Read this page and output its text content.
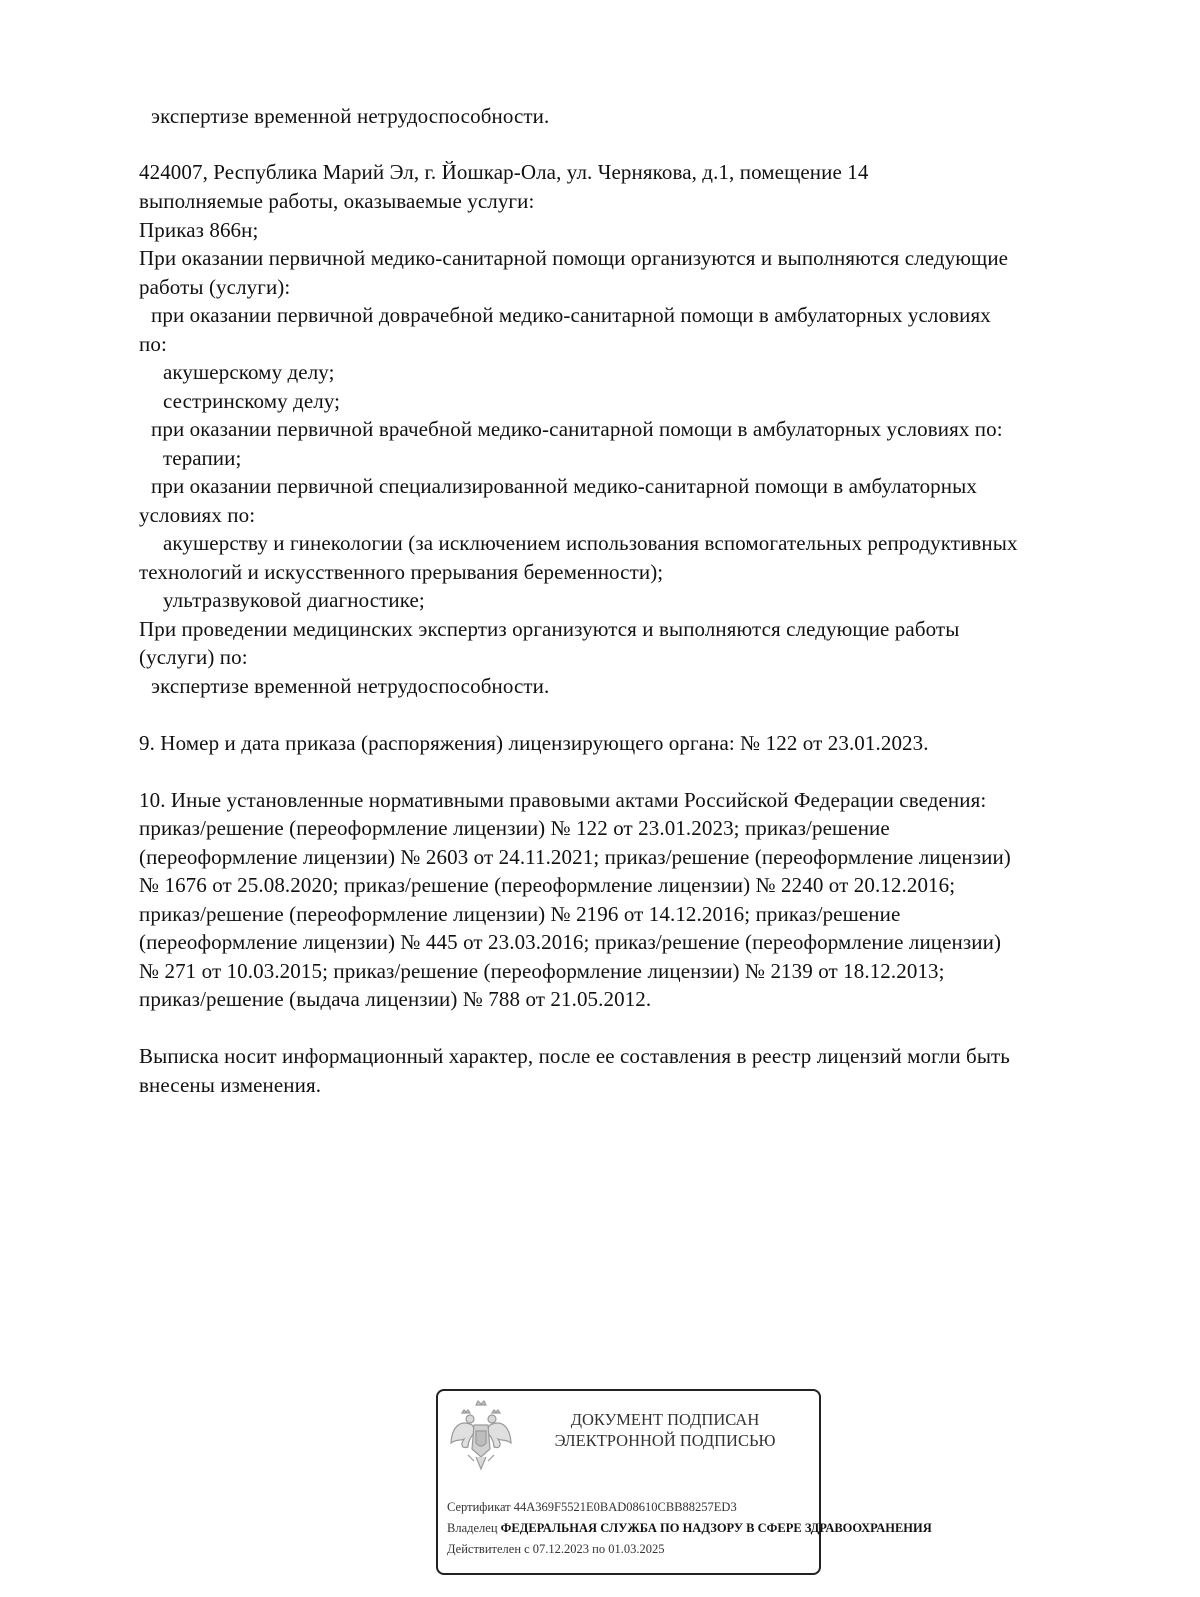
экспертизе временной нетрудоспособности.
424007, Республика Марий Эл, г. Йошкар-Ола, ул. Чернякова, д.1, помещение 14
выполняемые работы, оказываемые услуги:
Приказ 866н;
При оказании первичной медико-санитарной помощи организуются и выполняются следующие
работы (услуги):
при оказании первичной доврачебной медико-санитарной помощи в амбулаторных условиях
по:
акушерскому делу;
сестринскому делу;
при оказании первичной врачебной медико-санитарной помощи в амбулаторных условиях по:
терапии;
при оказании первичной специализированной медико-санитарной помощи в амбулаторных
условиях по:
акушерству и гинекологии (за исключением использования вспомогательных репродуктивных
технологий и искусственного прерывания беременности);
ультразвуковой диагностике;
При проведении медицинских экспертиз организуются и выполняются следующие работы
(услуги) по:
экспертизе временной нетрудоспособности.
9. Номер и дата приказа (распоряжения) лицензирующего органа: № 122 от 23.01.2023.
10. Иные установленные нормативными правовыми актами Российской Федерации сведения:
приказ/решение (переоформление лицензии) № 122 от 23.01.2023; приказ/решение
(переоформление лицензии) № 2603 от 24.11.2021; приказ/решение (переоформление лицензии)
№ 1676 от 25.08.2020; приказ/решение (переоформление лицензии) № 2240 от 20.12.2016;
приказ/решение (переоформление лицензии) № 2196 от 14.12.2016; приказ/решение
(переоформление лицензии) № 445 от 23.03.2016; приказ/решение (переоформление лицензии)
№ 271 от 10.03.2015; приказ/решение (переоформление лицензии) № 2139 от 18.12.2013;
приказ/решение (выдача лицензии) № 788 от 21.05.2012.
Выписка носит информационный характер, после ее составления в реестр лицензий могли быть
внесены изменения.
ДОКУМЕНТ ПОДПИСАН
ЭЛЕКТРОННОЙ ПОДПИСЬЮ
Сертификат 44A369F5521E0BAD08610CBB88257ED3
Владелец ФЕДЕРАЛЬНАЯ СЛУЖБА ПО НАДЗОРУ В СФЕРЕ ЗДРАВООХРАНЕНИЯ
Действителен с 07.12.2023 по 01.03.2025
